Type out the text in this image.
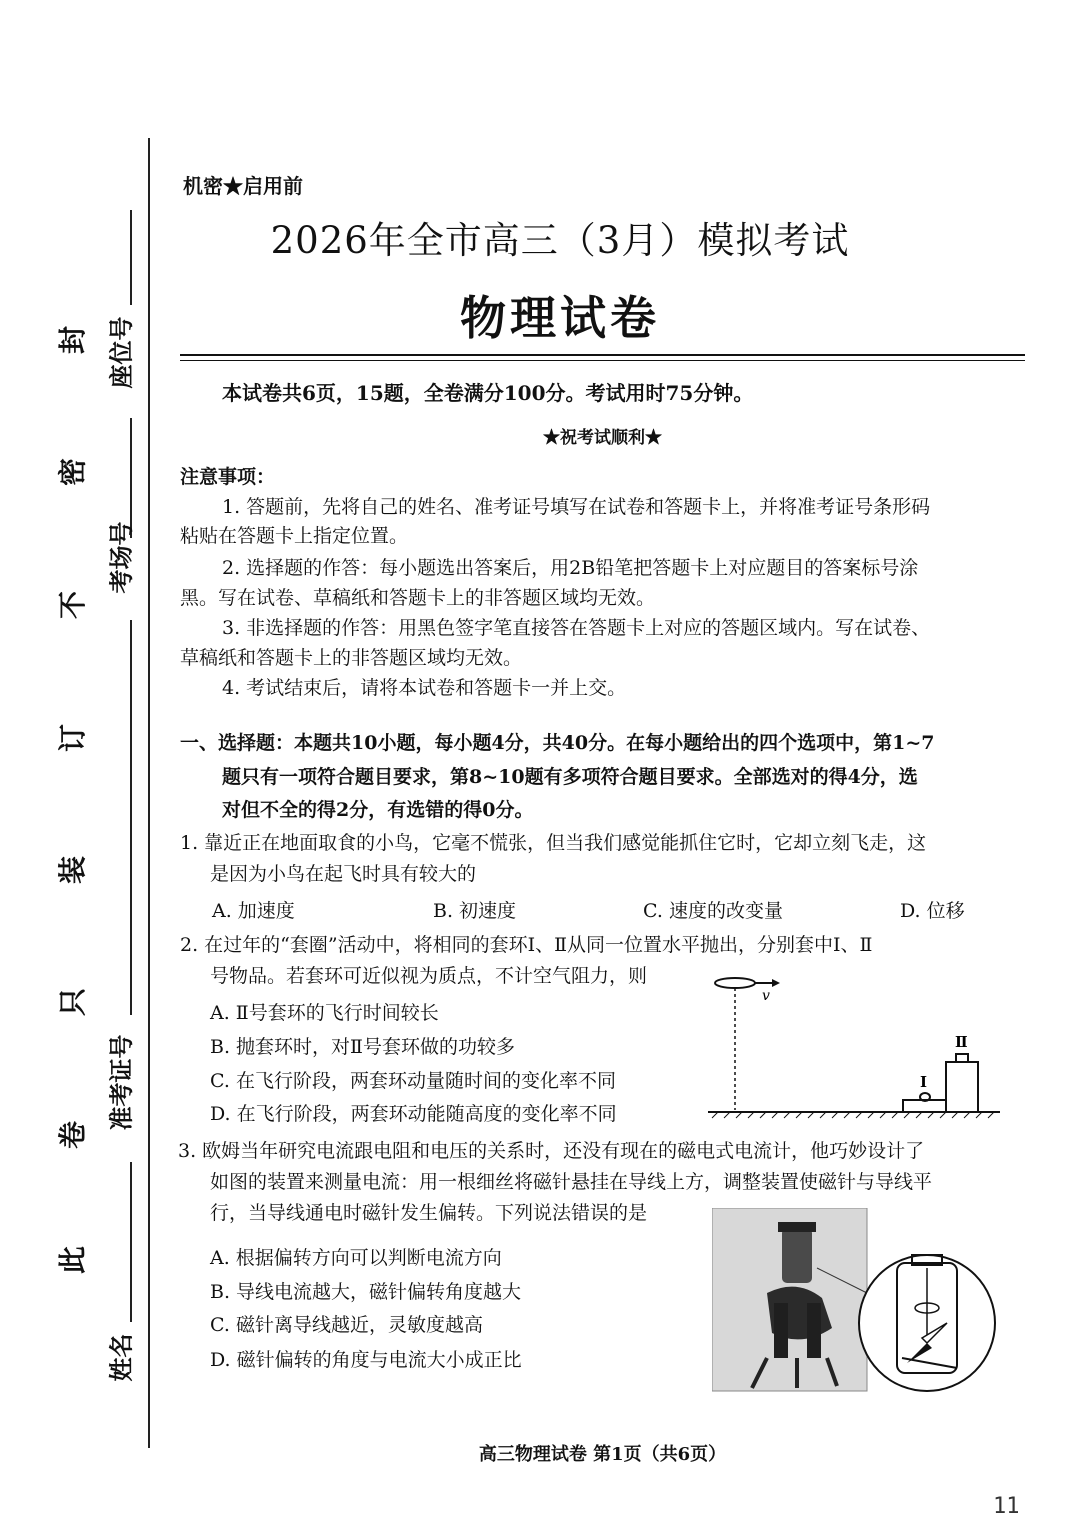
封
密
不
订
装
只
卷
此
座位号
考场号
准考证号
姓名
机密★启用前
2026年全市高三（3月）模拟考试
物理试卷
本试卷共6页，15题，全卷满分100分。考试用时75分钟。
★祝考试顺利★
注意事项：
1. 答题前，先将自己的姓名、准考证号填写在试卷和答题卡上，并将准考证号条形码
粘贴在答题卡上指定位置。
2. 选择题的作答：每小题选出答案后，用2B铅笔把答题卡上对应题目的答案标号涂
黑。写在试卷、草稿纸和答题卡上的非答题区域均无效。
3. 非选择题的作答：用黑色签字笔直接答在答题卡上对应的答题区域内。写在试卷、
草稿纸和答题卡上的非答题区域均无效。
4. 考试结束后，请将本试卷和答题卡一并上交。
一、选择题：本题共10小题，每小题4分，共40分。在每小题给出的四个选项中，第1~7
题只有一项符合题目要求，第8~10题有多项符合题目要求。全部选对的得4分，选
对但不全的得2分，有选错的得0分。
1. 靠近正在地面取食的小鸟，它毫不慌张，但当我们感觉能抓住它时，它却立刻飞走，这
是因为小鸟在起飞时具有较大的
A. 加速度	B. 初速度	C. 速度的改变量	D. 位移
2. 在过年的“套圈”活动中，将相同的套环Ⅰ、Ⅱ从同一位置水平抛出，分别套中Ⅰ、Ⅱ
号物品。若套环可近似视为质点，不计空气阻力，则
A. Ⅱ号套环的飞行时间较长
B. 抛套环时，对Ⅱ号套环做的功较多
C. 在飞行阶段，两套环动量随时间的变化率不同
D. 在飞行阶段，两套环动能随高度的变化率不同
v
Ⅰ
Ⅱ
3. 欧姆当年研究电流跟电阻和电压的关系时，还没有现在的磁电式电流计，他巧妙设计了
如图的装置来测量电流：用一根细丝将磁针悬挂在导线上方，调整装置使磁针与导线平
行，当导线通电时磁针发生偏转。下列说法错误的是
A. 根据偏转方向可以判断电流方向
B. 导线电流越大，磁针偏转角度越大
C. 磁针离导线越近，灵敏度越高
D. 磁针偏转的角度与电流大小成正比
高三物理试卷 第1页（共6页）
11
